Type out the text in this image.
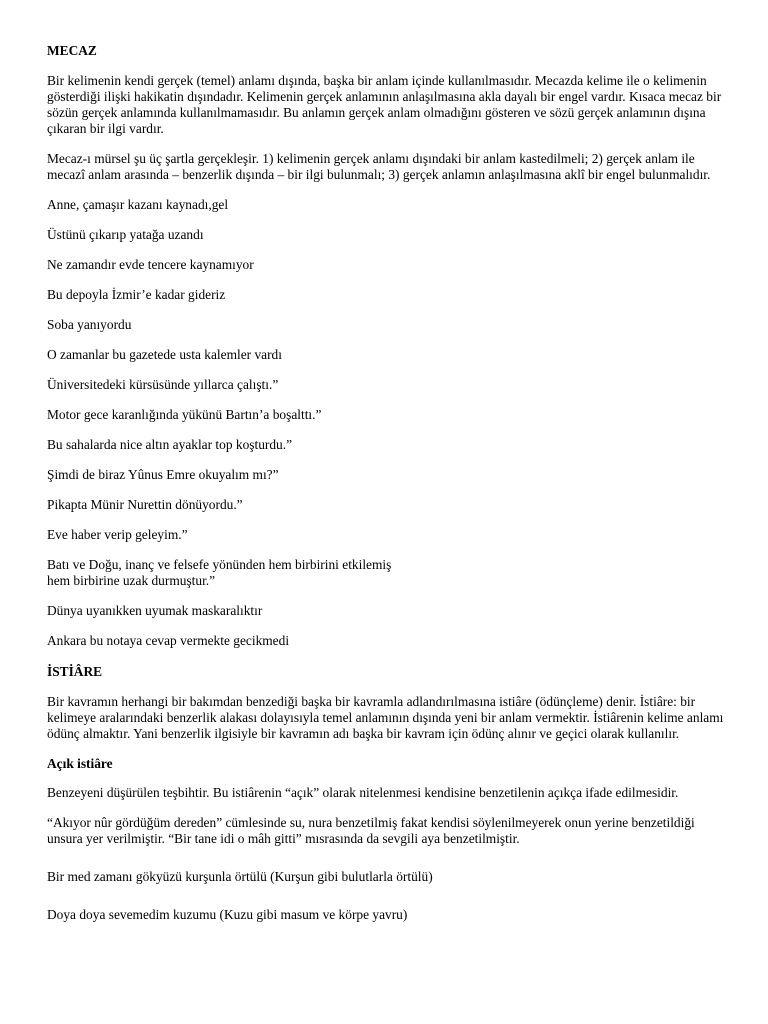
MECAZ

Bir kelimenin kendi gerçek (temel) anlamı dışında, başka bir anlam içinde kullanılmasıdır. Mecazda kelime ile o kelimenin gösterdiği ilişki hakikatin dışındadır. Kelimenin gerçek anlamının anlaşılmasına akla dayalı bir engel vardır. Kısaca mecaz bir sözün gerçek anlamında kullanılmamasıdır. Bu anlamın gerçek anlam olmadığını gösteren ve sözü gerçek anlamının dışına çıkaran bir ilgi vardır.

Mecaz-ı mürsel şu üç şartla gerçekleşir. 1) kelimenin gerçek anlamı dışındaki bir anlam kastedilmeli; 2) gerçek anlam ile mecazî anlam arasında – benzerlik dışında – bir ilgi bulunmalı; 3) gerçek anlamın anlaşılmasına aklî bir engel bulunmalıdır.

Anne, çamaşır kazanı kaynadı,gel

Üstünü çıkarıp yatağa uzandı

Ne zamandır evde tencere kaynamıyor

Bu depoyla İzmir’e kadar gideriz

Soba yanıyordu

O zamanlar bu gazetede usta kalemler vardı

Üniversitedeki kürsüsünde yıllarca çalıştı.”

Motor gece karanlığında yükünü Bartın’a boşalttı.”

Bu sahalarda nice altın ayaklar top koşturdu.”

Şimdi de biraz Yûnus Emre okuyalım mı?”

Pikapta Münir Nurettin dönüyordu.”

Eve haber verip geleyim.”

Batı ve Doğu, inanç ve felsefe yönünden hem birbirini etkilemiş
hem birbirine uzak durmuştur.”

Dünya uyanıkken uyumak maskaralıktır

Ankara bu notaya cevap vermekte gecikmedi

İSTİÂRE

Bir kavramın herhangi bir bakımdan benzediği başka bir kavramla adlandırılmasına istiâre (ödünçleme) denir. İstiâre: bir kelimeye aralarındaki benzerlik alakası dolayısıyla temel anlamının dışında yeni bir anlam vermektir. İstiârenin kelime anlamı ödünç almaktır. Yani benzerlik ilgisiyle bir kavramın adı başka bir kavram için ödünç alınır ve geçici olarak kullanılır.

Açık istiâre

Benzeyeni düşürülen teşbihtir. Bu istiârenin “açık” olarak nitelenmesi kendisine benzetilenin açıkça ifade edilmesidir.

“Akıyor nûr gördüğüm dereden” cümlesinde su, nura benzetilmiş fakat kendisi söylenilmeyerek onun yerine benzetildiği unsura yer verilmiştir. “Bir tane idi o mâh gitti” mısrasında da sevgili aya benzetilmiştir.

Bir med zamanı gökyüzü kurşunla örtülü (Kurşun gibi bulutlarla örtülü)

Doya doya sevemedim kuzumu (Kuzu gibi masum ve körpe yavru)
